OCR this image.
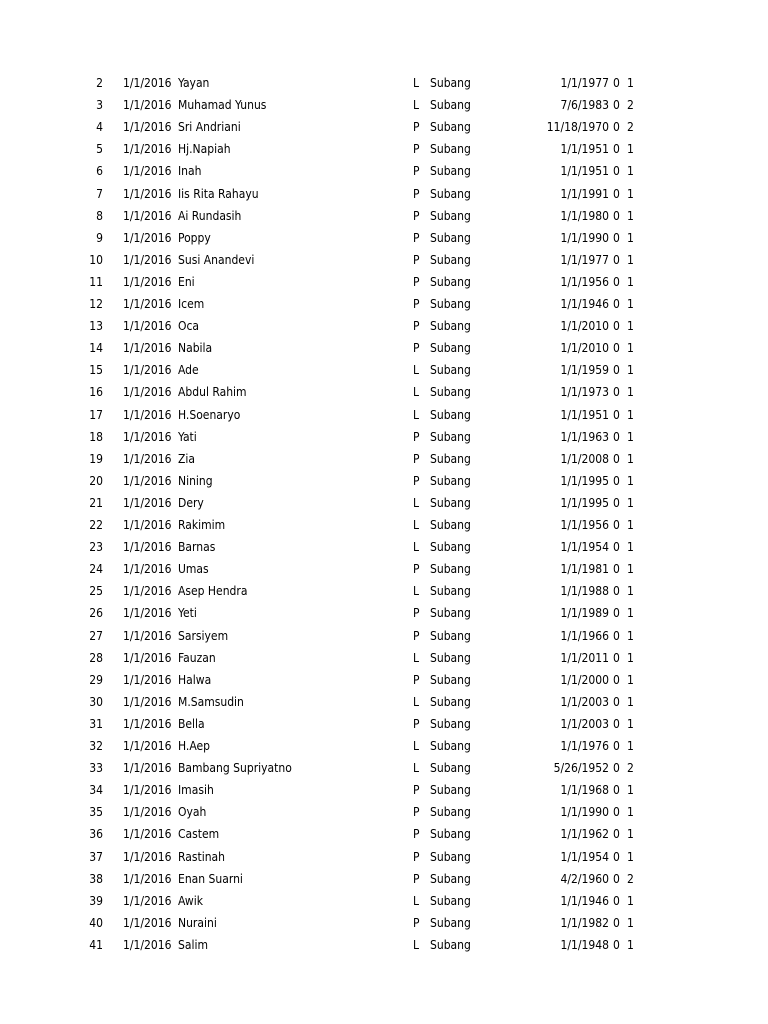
2 1/1/2016 Yayan	L Subang	1/1/1977 0 1
3 1/1/2016 Muhamad Yunus	L Subang	7/6/1983 0 2
4 1/1/2016 Sri Andriani	P Subang	11/18/1970 0 2
5 1/1/2016 Hj.Napiah	P Subang	1/1/1951 0 1
6 1/1/2016 Inah	P Subang	1/1/1951 0 1
7 1/1/2016 Iis Rita Rahayu	P Subang	1/1/1991 0 1
8 1/1/2016 Ai Rundasih	P Subang	1/1/1980 0 1
9 1/1/2016 Poppy	P Subang	1/1/1990 0 1
10 1/1/2016 Susi Anandevi	P Subang	1/1/1977 0 1
11 1/1/2016 Eni	P Subang	1/1/1956 0 1
12 1/1/2016 Icem	P Subang	1/1/1946 0 1
13 1/1/2016 Oca	P Subang	1/1/2010 0 1
14 1/1/2016 Nabila	P Subang	1/1/2010 0 1
15 1/1/2016 Ade	L Subang	1/1/1959 0 1
16 1/1/2016 Abdul Rahim	L Subang	1/1/1973 0 1
17 1/1/2016 H.Soenaryo	L Subang	1/1/1951 0 1
18 1/1/2016 Yati	P Subang	1/1/1963 0 1
19 1/1/2016 Zia	P Subang	1/1/2008 0 1
20 1/1/2016 Nining	P Subang	1/1/1995 0 1
21 1/1/2016 Dery	L Subang	1/1/1995 0 1
22 1/1/2016 Rakimim	L Subang	1/1/1956 0 1
23 1/1/2016 Barnas	L Subang	1/1/1954 0 1
24 1/1/2016 Umas	P Subang	1/1/1981 0 1
25 1/1/2016 Asep Hendra	L Subang	1/1/1988 0 1
26 1/1/2016 Yeti	P Subang	1/1/1989 0 1
27 1/1/2016 Sarsiyem	P Subang	1/1/1966 0 1
28 1/1/2016 Fauzan	L Subang	1/1/2011 0 1
29 1/1/2016 Halwa	P Subang	1/1/2000 0 1
30 1/1/2016 M.Samsudin	L Subang	1/1/2003 0 1
31 1/1/2016 Bella	P Subang	1/1/2003 0 1
32 1/1/2016 H.Aep	L Subang	1/1/1976 0 1
33 1/1/2016 Bambang Supriyatno	L Subang	5/26/1952 0 2
34 1/1/2016 Imasih	P Subang	1/1/1968 0 1
35 1/1/2016 Oyah	P Subang	1/1/1990 0 1
36 1/1/2016 Castem	P Subang	1/1/1962 0 1
37 1/1/2016 Rastinah	P Subang	1/1/1954 0 1
38 1/1/2016 Enan Suarni	P Subang	4/2/1960 0 2
39 1/1/2016 Awik	L Subang	1/1/1946 0 1
40 1/1/2016 Nuraini	P Subang	1/1/1982 0 1
41 1/1/2016 Salim	L Subang	1/1/1948 0 1
